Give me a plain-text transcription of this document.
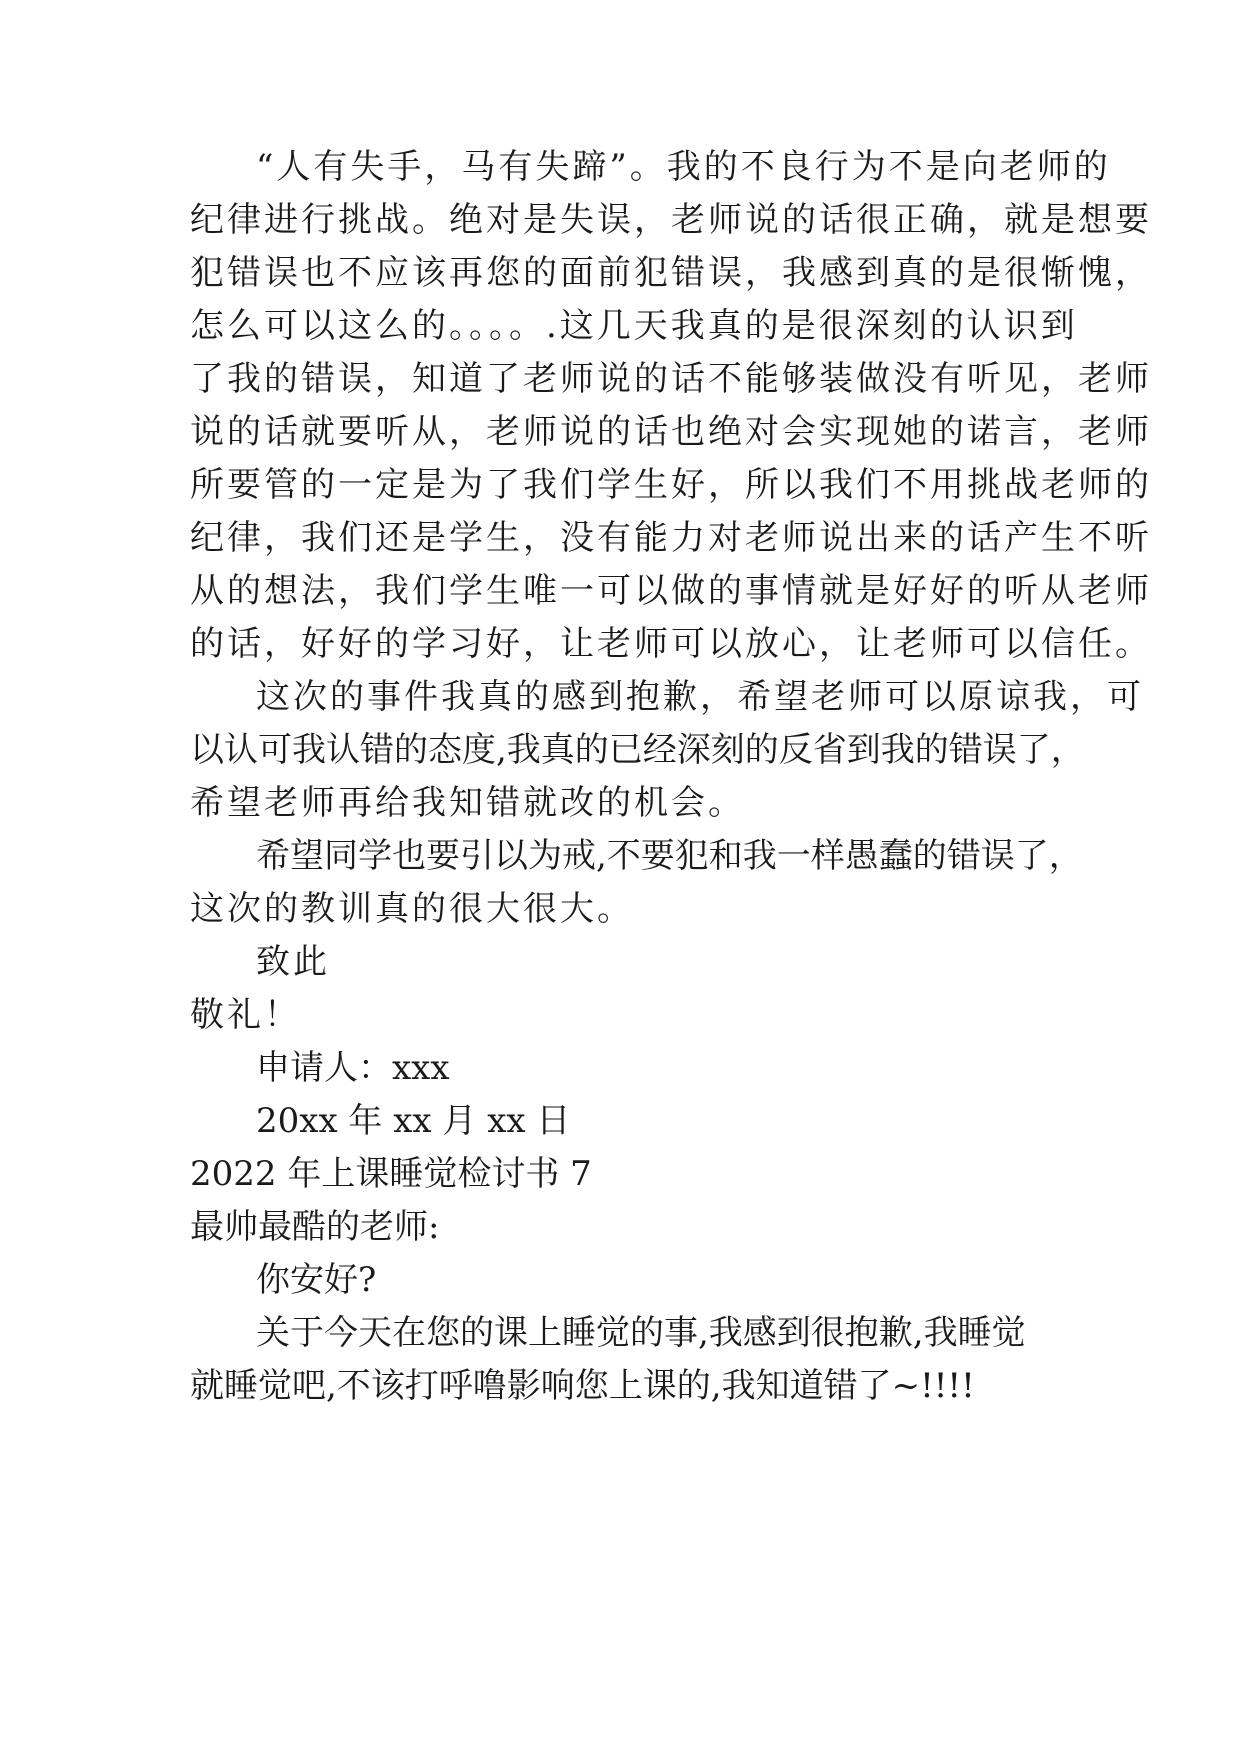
“人有失手，马有失蹄”。我的不良行为不是向老师的
纪律进行挑战。绝对是失误，老师说的话很正确，就是想要
犯错误也不应该再您的面前犯错误，我感到真的是很惭愧，
怎么可以这么的。。。。.这几天我真的是很深刻的认识到
了我的错误，知道了老师说的话不能够装做没有听见，老师
说的话就要听从，老师说的话也绝对会实现她的诺言，老师
所要管的一定是为了我们学生好，所以我们不用挑战老师的
纪律，我们还是学生，没有能力对老师说出来的话产生不听
从的想法，我们学生唯一可以做的事情就是好好的听从老师
的话，好好的学习好，让老师可以放心，让老师可以信任。
这次的事件我真的感到抱歉，希望老师可以原谅我，可
以认可我认错的态度,我真的已经深刻的反省到我的错误了，
希望老师再给我知错就改的机会。
希望同学也要引以为戒,不要犯和我一样愚蠢的错误了，
这次的教训真的很大很大。
致此
敬礼！
申请人：xxx
20xx 年 xx 月 xx 日
2022 年上课睡觉检讨书 7
最帅最酷的老师:
你安好?
关于今天在您的课上睡觉的事,我感到很抱歉,我睡觉
就睡觉吧,不该打呼噜影响您上课的,我知道错了~!!!!
